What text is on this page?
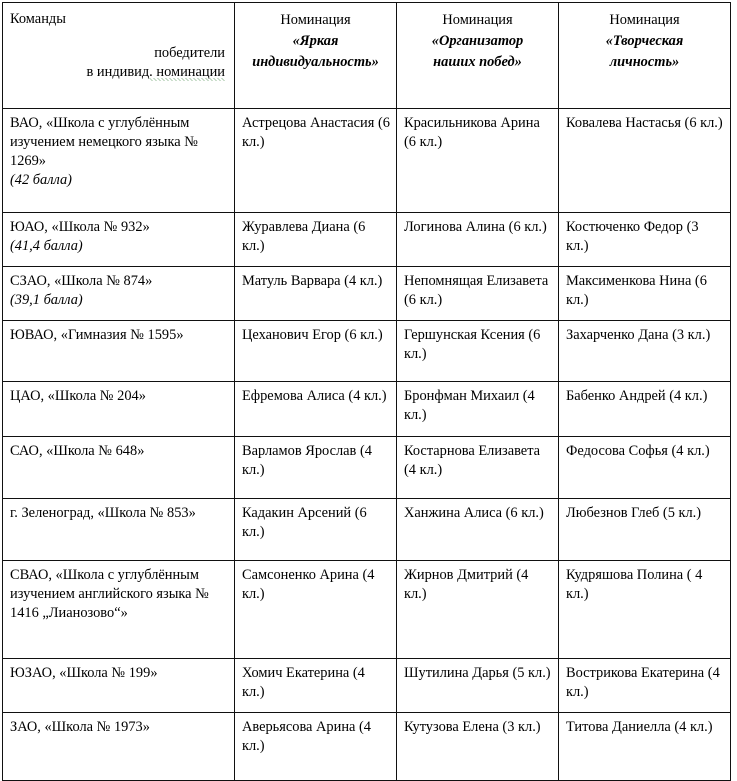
Команды
победители
в индивид. номинации	Номинация
«Яркая
индивидуальность»	Номинация
«Организатор
наших побед»	Номинация
«Творческая
личность»

ВАО, «Школа с углублённым изучением немецкого языка № 1269»
(42 балла)	Астрецова Анастасия (6 кл.)	Красильникова Арина (6 кл.)	Ковалева Настасья (6 кл.)

ЮАО, «Школа № 932»
(41,4 балла)	Журавлева Диана (6 кл.)	Логинова Алина (6 кл.)	Костюченко Федор (3 кл.)

СЗАО, «Школа № 874»
(39,1 балла)	Матуль Варвара (4 кл.)	Непомнящая Елизавета (6 кл.)	Максименкова Нина (6 кл.)

ЮВАО, «Гимназия № 1595»	Цеханович Егор (6 кл.)	Гершунская Ксения (6 кл.)	Захарченко Дана (3 кл.)

ЦАО, «Школа № 204»	Ефремова Алиса (4 кл.)	Бронфман Михаил (4 кл.)	Бабенко Андрей (4 кл.)

САО, «Школа № 648»	Варламов Ярослав (4 кл.)	Костарнова Елизавета (4 кл.)	Федосова Софья (4 кл.)

г. Зеленоград, «Школа № 853»	Кадакин Арсений (6 кл.)	Ханжина Алиса (6 кл.)	Любезнов Глеб (5 кл.)

СВАО, «Школа с углублённым изучением английского языка № 1416 „Лианозово“»	Самсоненко Арина (4 кл.)	Жирнов Дмитрий (4 кл.)	Кудряшова Полина ( 4 кл.)

ЮЗАО, «Школа № 199»	Хомич Екатерина (4 кл.)	Шутилина Дарья (5 кл.)	Вострикова Екатерина (4 кл.)

ЗАО, «Школа № 1973»	Аверьясова Арина (4 кл.)	Кутузова Елена (3 кл.)	Титова Даниелла (4 кл.)
